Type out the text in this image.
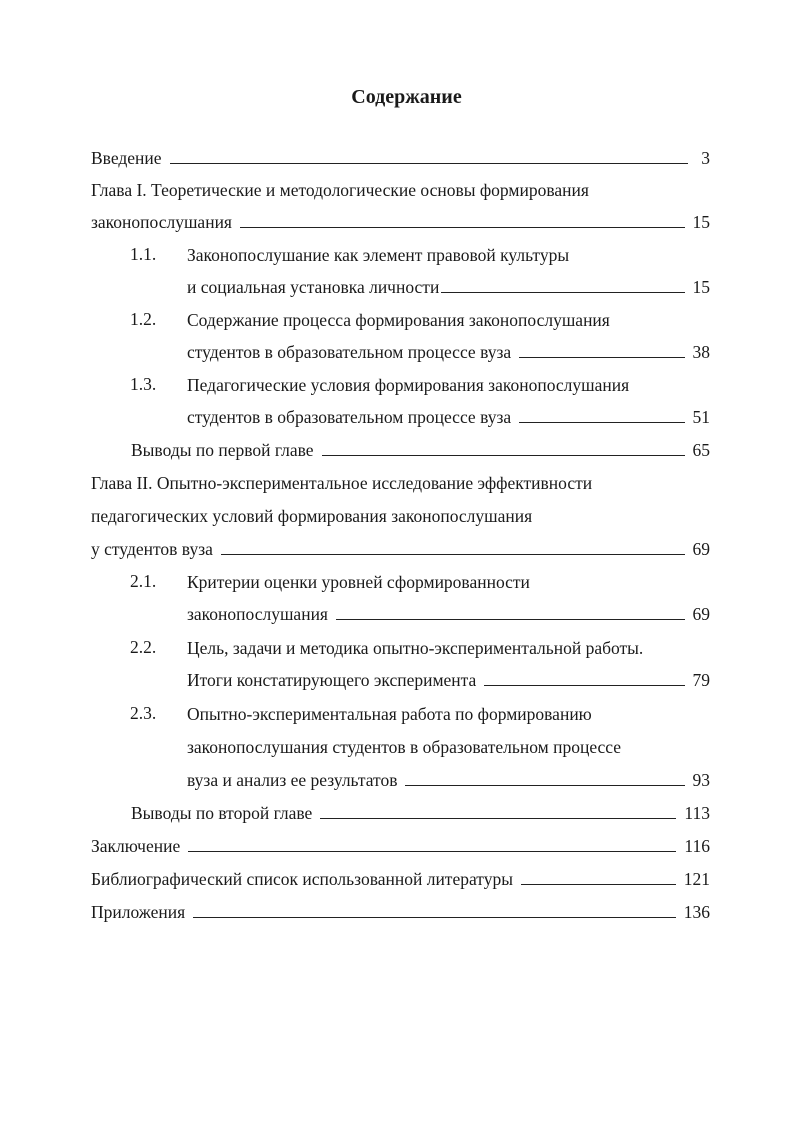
Содержание
Введение	3
Глава I. Теоретические и методологические основы формирования
законопослушания	15
1.1. Законопослушание как элемент правовой культуры
и социальная установка личности	15
1.2. Содержание процесса формирования законопослушания
студентов в образовательном процессе вуза	38
1.3. Педагогические условия формирования законопослушания
студентов в образовательном процессе вуза	51
Выводы по первой главе	65
Глава II. Опытно-экспериментальное исследование эффективности
педагогических условий формирования законопослушания
у студентов вуза	69
2.1. Критерии оценки уровней сформированности
законопослушания	69
2.2. Цель, задачи и методика опытно-экспериментальной работы.
Итоги констатирующего эксперимента	79
2.3. Опытно-экспериментальная работа по формированию
законопослушания студентов в образовательном процессе
вуза и анализ ее результатов	93
Выводы по второй главе	113
Заключение	116
Библиографический список использованной литературы	121
Приложения	136
